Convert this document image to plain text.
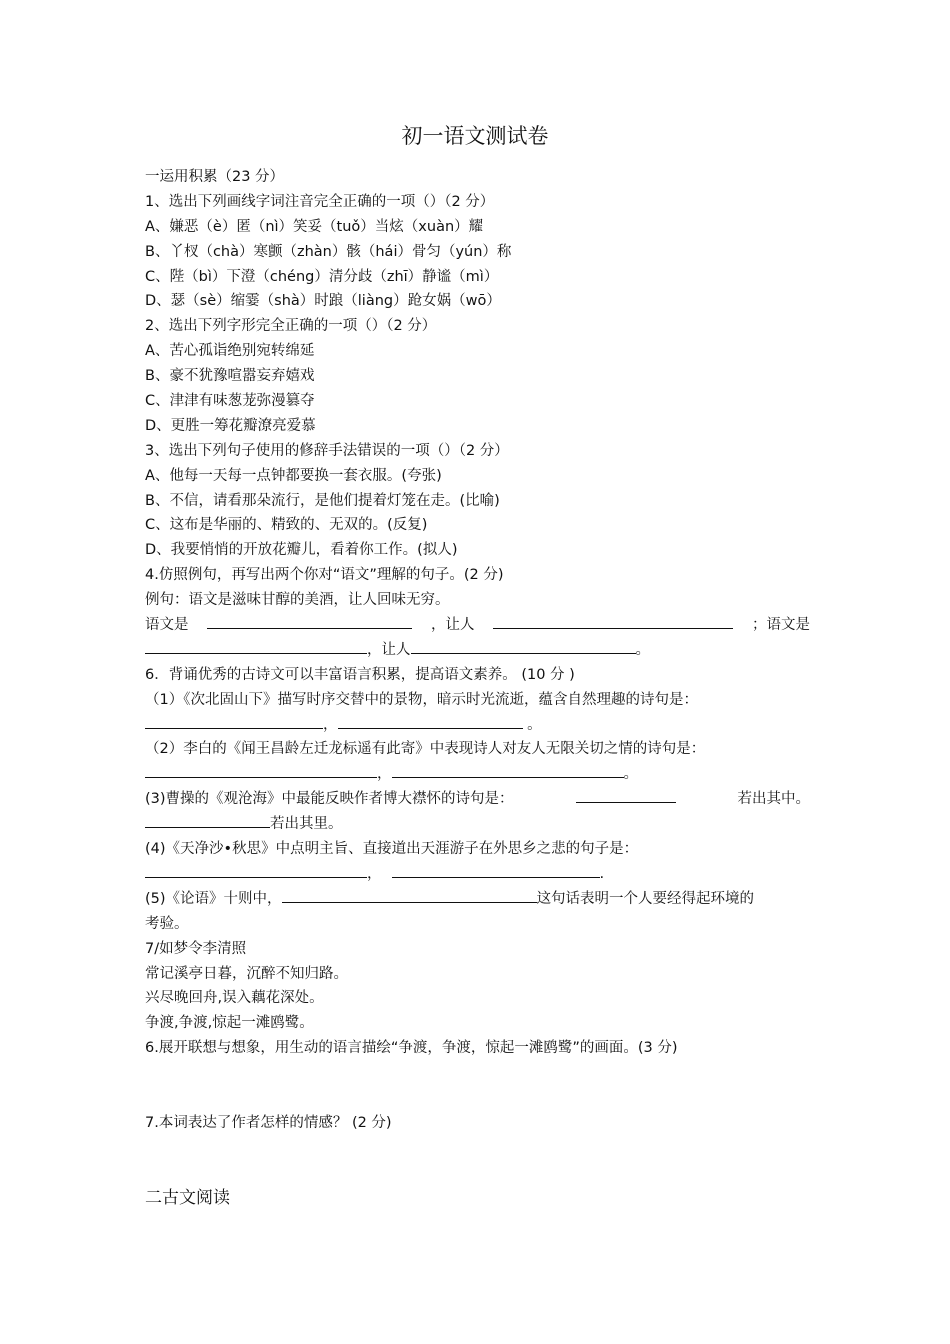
初一语文测试卷
一运用积累（23 分）
1、选出下列画线字词注音完全正确的一项（）（2 分）
A、嫌恶（è）匿（nì）笑妥（tuǒ）当炫（xuàn）耀
B、丫杈（chà）寒颤（zhàn）骸（hái）骨匀（yún）称
C、陛（bì）下澄（chéng）清分歧（zhī）静谧（mì）
D、瑟（sè）缩霎（shà）时踉（liàng）跄女娲（wō）
2、选出下列字形完全正确的一项（）（2 分）
A、苦心孤诣绝别宛转绵延
B、豪不犹豫喧嚣妄弃嬉戏
C、津津有味葱茏弥漫篡夺
D、更胜一筹花瓣潦亮爱慕
3、选出下列句子使用的修辞手法错误的一项（）（2 分）
A、他每一天每一点钟都要换一套衣服。(夸张)
B、不信，请看那朵流行，是他们提着灯笼在走。(比喻)
C、这布是华丽的、精致的、无双的。(反复)
D、我要悄悄的开放花瓣儿，看着你工作。(拟人)
4.仿照例句，再写出两个你对“语文”理解的句子。(2 分)
例句：语文是滋味甘醇的美酒，让人回味无穷。
语文是	，让人	；语文是
，让人	。
6．背诵优秀的古诗文可以丰富语言积累，提高语文素养。 (10 分 )
（1）《次北固山下》描写时序交替中的景物，暗示时光流逝，蕴含自然理趣的诗句是：
，	。
（2）李白的《闻王昌龄左迁龙标遥有此寄》中表现诗人对友人无限关切之情的诗句是：
，	。
(3)曹操的《观沧海》中最能反映作者博大襟怀的诗句是：	若出其中。
若出其里。
(4)《天净沙•秋思》中点明主旨、直接道出天涯游子在外思乡之悲的句子是：
，	.
(5)《论语》十则中，	这句话表明一个人要经得起环境的
考验。
7/如梦令李清照
常记溪亭日暮，沉醉不知归路。
兴尽晚回舟,误入藕花深处。
争渡,争渡,惊起一滩鸥鹭。
6.展开联想与想象，用生动的语言描绘“争渡，争渡，惊起一滩鸥鹭”的画面。(3 分)
7.本词表达了作者怎样的情感？ (2 分)
二古文阅读
